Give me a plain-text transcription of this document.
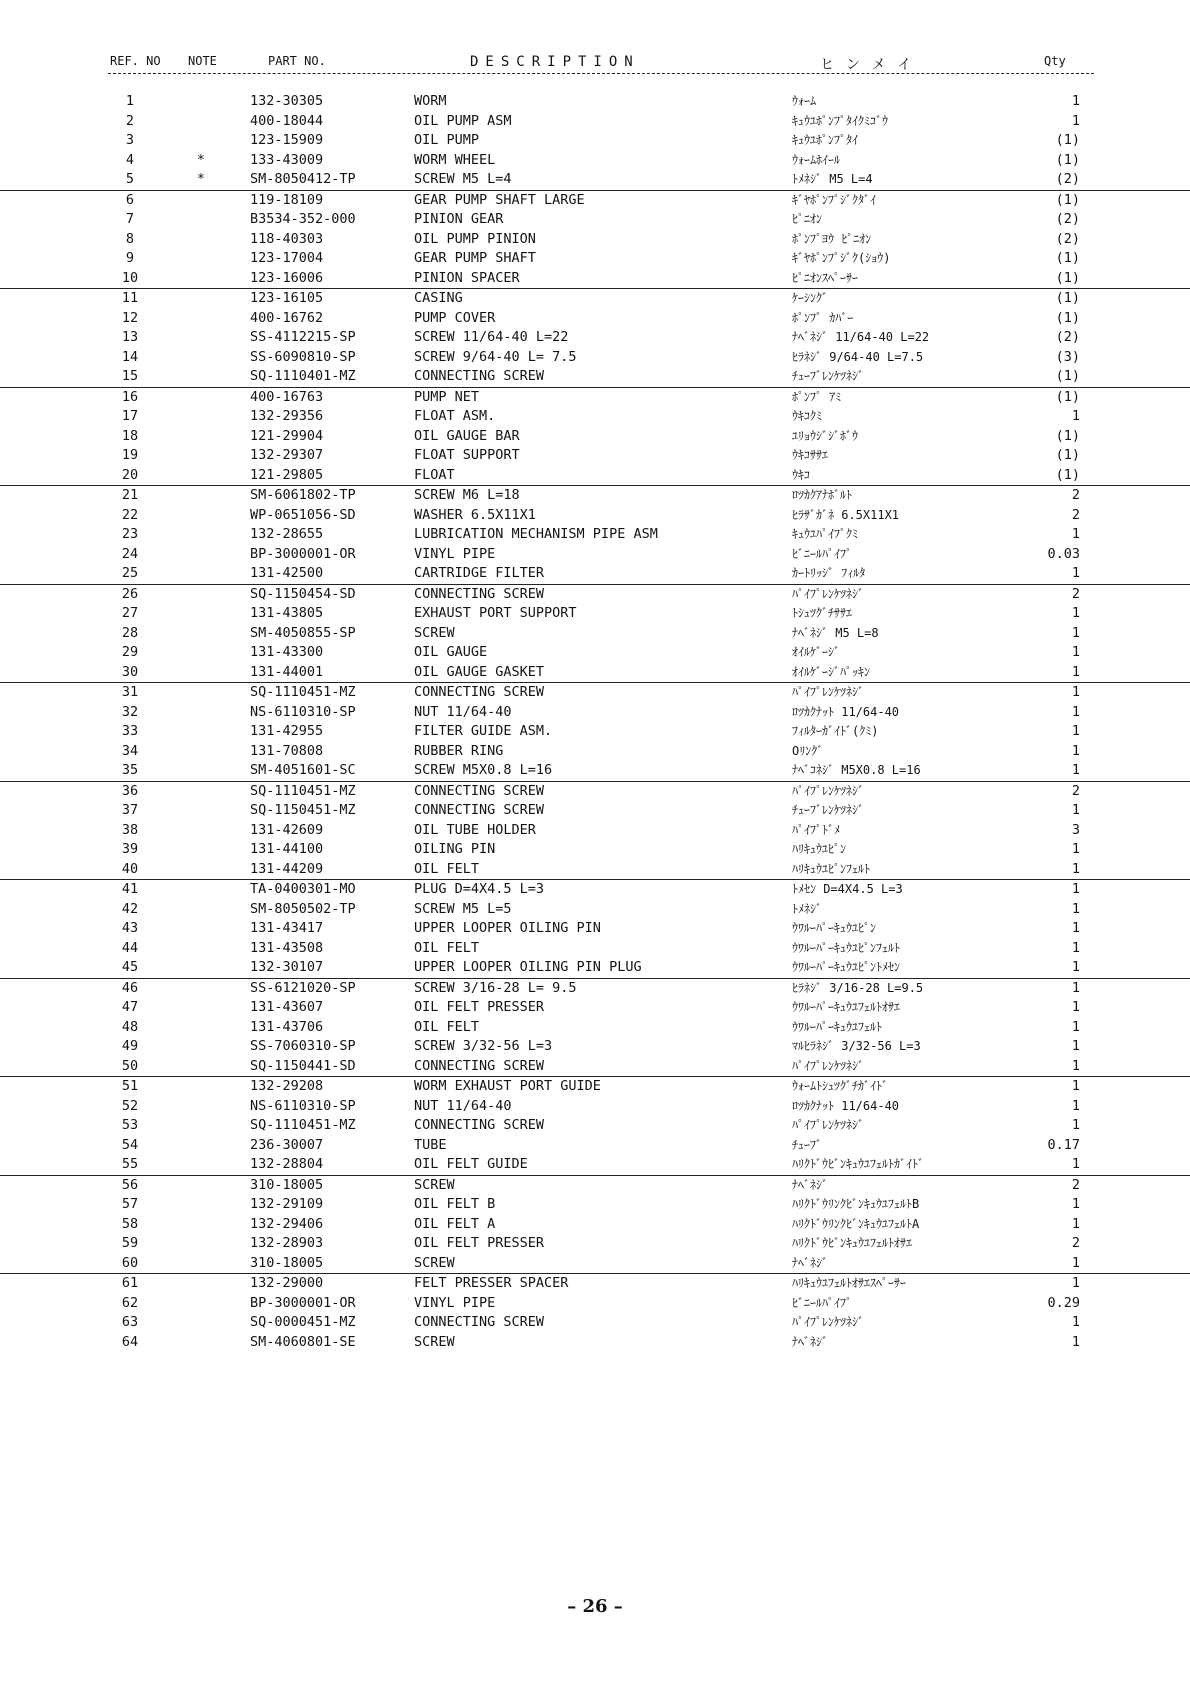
REF. NO NOTE	PART NO.	DESCRIPTION	ヒンメイ	Qty
1	132-30305	WORM	ｳｫｰﾑ	1
2	400-18044	OIL PUMP ASM	ｷｭｳﾕﾎﾟﾝﾌﾟﾀｲｸﾐｺﾞｳ	1
3	123-15909	OIL PUMP	ｷｭｳﾕﾎﾟﾝﾌﾟﾀｲ	(1)
4	*	133-43009	WORM WHEEL	ｳｫｰﾑﾎｲｰﾙ	(1)
5	*	SM-8050412-TP	SCREW M5 L=4	ﾄﾒﾈｼﾞ M5 L=4	(2)
6	119-18109	GEAR PUMP SHAFT LARGE	ｷﾞﾔﾎﾟﾝﾌﾟｼﾞｸﾀﾞｲ	(1)
7	B3534-352-000	PINION GEAR	ﾋﾟﾆｵﾝ	(2)
8	118-40303	OIL PUMP PINION	ﾎﾟﾝﾌﾟﾖｳ ﾋﾟﾆｵﾝ	(2)
9	123-17004	GEAR PUMP SHAFT	ｷﾞﾔﾎﾟﾝﾌﾟｼﾞｸ(ｼｮｳ)	(1)
10	123-16006	PINION SPACER	ﾋﾟﾆｵﾝｽﾍﾟｰｻｰ	(1)
11	123-16105	CASING	ｹｰｼﾝｸﾞ	(1)
12	400-16762	PUMP COVER	ﾎﾟﾝﾌﾟ ｶﾊﾞｰ	(1)
13	SS-4112215-SP	SCREW 11/64-40 L=22	ﾅﾍﾞﾈｼﾞ 11/64-40 L=22	(2)
14	SS-6090810-SP	SCREW 9/64-40 L= 7.5	ﾋﾗﾈｼﾞ 9/64-40 L=7.5	(3)
15	SQ-1110401-MZ	CONNECTING SCREW	ﾁｭｰﾌﾞﾚﾝｹﾂﾈｼﾞ	(1)
16	400-16763	PUMP NET	ﾎﾟﾝﾌﾟ ｱﾐ	(1)
17	132-29356	FLOAT ASM.	ｳｷｺｸﾐ	1
18	121-29904	OIL GAUGE BAR	ﾕﾘｮｳｼﾞｼﾞﾎﾞｳ	(1)
19	132-29307	FLOAT SUPPORT	ｳｷｺｻｻｴ	(1)
20	121-29805	FLOAT	ｳｷｺ	(1)
21	SM-6061802-TP	SCREW M6 L=18	ﾛﾂｶｸｱﾅﾎﾞﾙﾄ	2
22	WP-0651056-SD	WASHER 6.5X11X1	ﾋﾗｻﾞｶﾞﾈ 6.5X11X1	2
23	132-28655	LUBRICATION MECHANISM PIPE ASM	ｷｭｳﾕﾊﾟｲﾌﾟｸﾐ	1
24	BP-3000001-OR	VINYL PIPE	ﾋﾞﾆｰﾙﾊﾟｲﾌﾟ	0.03
25	131-42500	CARTRIDGE FILTER	ｶｰﾄﾘｯｼﾞ ﾌｨﾙﾀ	1
26	SQ-1150454-SD	CONNECTING SCREW	ﾊﾟｲﾌﾟﾚﾝｹﾂﾈｼﾞ	2
27	131-43805	EXHAUST PORT SUPPORT	ﾄｼｭﾂｸﾞﾁｻｻｴ	1
28	SM-4050855-SP	SCREW	ﾅﾍﾞﾈｼﾞ M5 L=8	1
29	131-43300	OIL GAUGE	ｵｲﾙｹﾞｰｼﾞ	1
30	131-44001	OIL GAUGE GASKET	ｵｲﾙｹﾞｰｼﾞﾊﾟｯｷﾝ	1
31	SQ-1110451-MZ	CONNECTING SCREW	ﾊﾟｲﾌﾟﾚﾝｹﾂﾈｼﾞ	1
32	NS-6110310-SP	NUT 11/64-40	ﾛﾂｶｸﾅｯﾄ 11/64-40	1
33	131-42955	FILTER GUIDE ASM.	ﾌｨﾙﾀｰｶﾞｲﾄﾞ(ｸﾐ)	1
34	131-70808	RUBBER RING	Oﾘﾝｸﾞ	1
35	SM-4051601-SC	SCREW M5X0.8 L=16	ﾅﾍﾞｺﾈｼﾞ M5X0.8 L=16	1
36	SQ-1110451-MZ	CONNECTING SCREW	ﾊﾟｲﾌﾟﾚﾝｹﾂﾈｼﾞ	2
37	SQ-1150451-MZ	CONNECTING SCREW	ﾁｭｰﾌﾞﾚﾝｹﾂﾈｼﾞ	1
38	131-42609	OIL TUBE HOLDER	ﾊﾟｲﾌﾟﾄﾞﾒ	3
39	131-44100	OILING PIN	ﾊﾘｷｭｳﾕﾋﾟﾝ	1
40	131-44209	OIL FELT	ﾊﾘｷｭｳﾕﾋﾟﾝﾌｪﾙﾄ	1
41	TA-0400301-MO	PLUG D=4X4.5 L=3	ﾄﾒｾﾝ D=4X4.5 L=3	1
42	SM-8050502-TP	SCREW M5 L=5	ﾄﾒﾈｼﾞ	1
43	131-43417	UPPER LOOPER OILING PIN	ｳﾜﾙｰﾊﾟｰｷｭｳﾕﾋﾟﾝ	1
44	131-43508	OIL FELT	ｳﾜﾙｰﾊﾟｰｷｭｳﾕﾋﾟﾝﾌｪﾙﾄ	1
45	132-30107	UPPER LOOPER OILING PIN PLUG	ｳﾜﾙｰﾊﾟｰｷｭｳﾕﾋﾟﾝﾄﾒｾﾝ	1
46	SS-6121020-SP	SCREW 3/16-28 L= 9.5	ﾋﾗﾈｼﾞ 3/16-28 L=9.5	1
47	131-43607	OIL FELT PRESSER	ｳﾜﾙｰﾊﾟｰｷｭｳﾕﾌｪﾙﾄｵｻｴ	1
48	131-43706	OIL FELT	ｳﾜﾙｰﾊﾟｰｷｭｳﾕﾌｪﾙﾄ	1
49	SS-7060310-SP	SCREW 3/32-56 L=3	ﾏﾙﾋﾗﾈｼﾞ 3/32-56 L=3	1
50	SQ-1150441-SD	CONNECTING SCREW	ﾊﾟｲﾌﾟﾚﾝｹﾂﾈｼﾞ	1
51	132-29208	WORM EXHAUST PORT GUIDE	ｳｫｰﾑﾄｼｭﾂｸﾞﾁｶﾞｲﾄﾞ	1
52	NS-6110310-SP	NUT 11/64-40	ﾛﾂｶｸﾅｯﾄ 11/64-40	1
53	SQ-1110451-MZ	CONNECTING SCREW	ﾊﾟｲﾌﾟﾚﾝｹﾂﾈｼﾞ	1
54	236-30007	TUBE	ﾁｭｰﾌﾞ	0.17
55	132-28804	OIL FELT GUIDE	ﾊﾘｸﾄﾞｳﾋﾞﾝｷｭｳﾕﾌｪﾙﾄｶﾞｲﾄﾞ	1
56	310-18005	SCREW	ﾅﾍﾞﾈｼﾞ	2
57	132-29109	OIL FELT B	ﾊﾘｸﾄﾞｳﾘﾝｸﾋﾞﾝｷｭｳﾕﾌｪﾙﾄB	1
58	132-29406	OIL FELT A	ﾊﾘｸﾄﾞｳﾘﾝｸﾋﾞﾝｷｭｳﾕﾌｪﾙﾄA	1
59	132-28903	OIL FELT PRESSER	ﾊﾘｸﾄﾞｳﾋﾞﾝｷｭｳﾕﾌｪﾙﾄｵｻｴ	2
60	310-18005	SCREW	ﾅﾍﾞﾈｼﾞ	1
61	132-29000	FELT PRESSER SPACER	ﾊﾘｷｭｳﾕﾌｪﾙﾄｵｻｴｽﾍﾟｰｻｰ	1
62	BP-3000001-OR	VINYL PIPE	ﾋﾞﾆｰﾙﾊﾟｲﾌﾟ	0.29
63	SQ-0000451-MZ	CONNECTING SCREW	ﾊﾟｲﾌﾟﾚﾝｹﾂﾈｼﾞ	1
64	SM-4060801-SE	SCREW	ﾅﾍﾞﾈｼﾞ	1
– 26 –
